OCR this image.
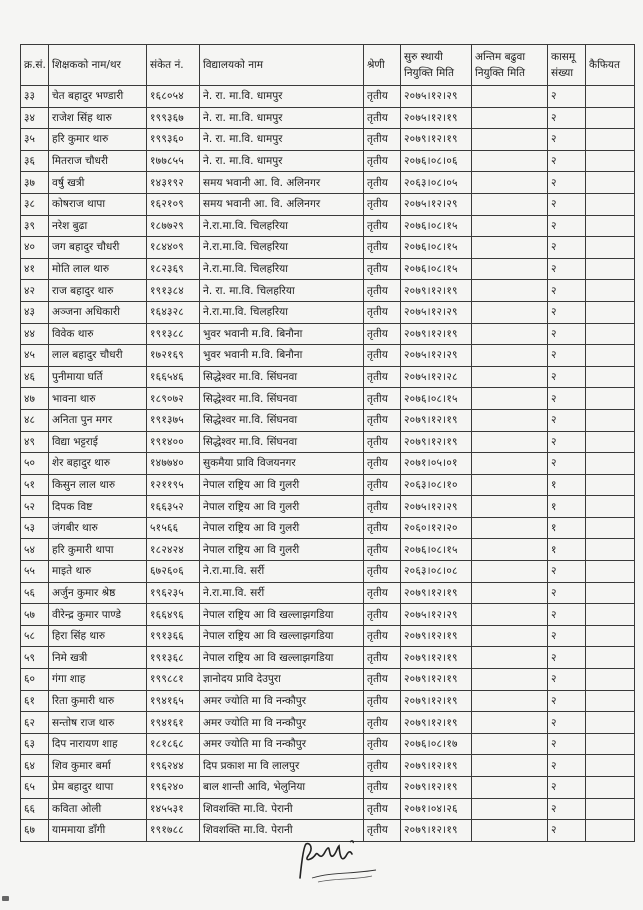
क्र.सं.	शिक्षकको नाम/थर	संकेत नं.	विद्यालयको नाम	श्रेणी	सुरु स्थायी नियुक्ति मिति	अन्तिम बढुवा नियुक्ति मिति	कासमू संख्या	कैफियत
३३	चेत बहादुर भण्डारी	१६८०५४	ने. रा. मा.वि. धामपुर	तृतीय	२०७५।१२।२९		२	
३४	राजेश सिंह थारु	१९९३६७	ने. रा. मा.वि. धामपुर	तृतीय	२०७५।१२।१९		२	
३५	हरि कुमार थारु	१९९३६०	ने. रा. मा.वि. धामपुर	तृतीय	२०७९।१२।१९		२	
३६	मितराज चौधरी	१७७८५५	ने. रा. मा.वि. धामपुर	तृतीय	२०७६।०८।०६		२	
३७	वर्षु खत्री	१४३१९२	समय भवानी आ. वि. अलिनगर	तृतीय	२०६३।०८।०५		२	
३८	कोषराज थापा	१६२१०९	समय भवानी आ. वि. अलिनगर	तृतीय	२०७५।१२।२९		२	
३९	नरेश बुढा	१८७७२९	ने.रा.मा.वि. चिलहरिया	तृतीय	२०७६।०८।१५		२	
४०	जग बहादुर चौधरी	१८४४०९	ने.रा.मा.वि. चिलहरिया	तृतीय	२०७६।०८।१५		२	
४१	मोति लाल थारु	१८२३६९	ने.रा.मा.वि. चिलहरिया	तृतीय	२०७६।०८।१५		२	
४२	राज बहादुर थारु	१९१३८४	ने. रा. मा.वि. चिलहरिया	तृतीय	२०७९।१२।१९		२	
४३	अञ्जना अधिकारी	१६४३२८	ने.रा.मा.वि. चिलहरिया	तृतीय	२०७५।१२।२९		२	
४४	विवेक थारु	१९१३८८	भुवर भवानी म.वि. बिनौना	तृतीय	२०७९।१२।१९		२	
४५	लाल बहादुर चौधरी	१७२१६९	भुवर भवानी म.वि. बिनौना	तृतीय	२०७५।१२।२९		२	
४६	पुनीमाया घर्ति	१६६५४६	सिद्धेश्वर मा.वि. सिंघनवा	तृतीय	२०७५।१२।२८		२	
४७	भावना थारु	१८९०७२	सिद्धेश्वर मा.वि. सिंघनवा	तृतीय	२०७६।०८।१५		२	
४८	अनिता पुन मगर	१९१३७५	सिद्धेश्वर मा.वि. सिंघनवा	तृतीय	२०७९।१२।१९		२	
४९	विद्या भट्टराई	१९१४००	सिद्धेश्वर मा.वि. सिंघनवा	तृतीय	२०७९।१२।१९		२	
५०	शेर बहादुर थारु	१४७७४०	सुकमैया प्रावि विजयनगर	तृतीय	२०७१।०५।०१		२	
५१	किसुन लाल थारु	१२११९५	नेपाल राष्ट्रिय आ वि गुलरी	तृतीय	२०६३।०८।१०		१	
५२	दिपक विष्ट	१६६३५२	नेपाल राष्ट्रिय आ वि गुलरी	तृतीय	२०७५।१२।२९		१	
५३	जंगबीर थारु	५१५६६	नेपाल राष्ट्रिय आ वि गुलरी	तृतीय	२०६०।१२।२०		१	
५४	हरि कुमारी थापा	१८२४२४	नेपाल राष्ट्रिय आ वि गुलरी	तृतीय	२०७६।०८।१५		१	
५५	माइते थारु	६७२६०६	ने.रा.मा.वि. सर्री	तृतीय	२०६३।०८।०८		२	
५६	अर्जुन कुमार श्रेष्ठ	१९६२३५	ने.रा.मा.वि. सर्री	तृतीय	२०७९।१२।१९		२	
५७	वीरेन्द्र कुमार पाण्डे	१६६४९६	नेपाल राष्ट्रिय आ वि खल्लाझगडिया	तृतीय	२०७५।१२।२९		२	
५८	हिरा सिंह थारु	१९१३६६	नेपाल राष्ट्रिय आ वि खल्लाझगडिया	तृतीय	२०७९।१२।१९		२	
५९	निमे खत्री	१९१३६८	नेपाल राष्ट्रिय आ वि खल्लाझगडिया	तृतीय	२०७९।१२।१९		२	
६०	गंगा शाह	१९९८८१	ज्ञानोदय प्रावि देउपुरा	तृतीय	२०७९।१२।१९		२	
६१	रिता कुमारी थारु	१९४१६५	अमर ज्योति मा वि नन्कौपुर	तृतीय	२०७९।१२।१९		२	
६२	सन्तोष राज थारु	१९४१६१	अमर ज्योति मा वि नन्कौपुर	तृतीय	२०७९।१२।१९		२	
६३	दिप नारायण शाह	१८१८६८	अमर ज्योति मा वि नन्कौपुर	तृतीय	२०७६।०८।१७		२	
६४	शिव कुमार बर्मा	१९६२४४	दिप प्रकाश मा वि लालपुर	तृतीय	२०७९।१२।१९		२	
६५	प्रेम बहादुर थापा	१९६२४०	बाल शान्ती आवि, भेलुनिया	तृतीय	२०७९।१२।१९		२	
६६	कविता ओली	१४५५३१	शिवशक्ति मा.वि. पेरानी	तृतीय	२०७१।०४।२६		२	
६७	याममाया डाँगी	१९१७८८	शिवशक्ति मा.वि. पेरानी	तृतीय	२०७९।१२।१९		२	
